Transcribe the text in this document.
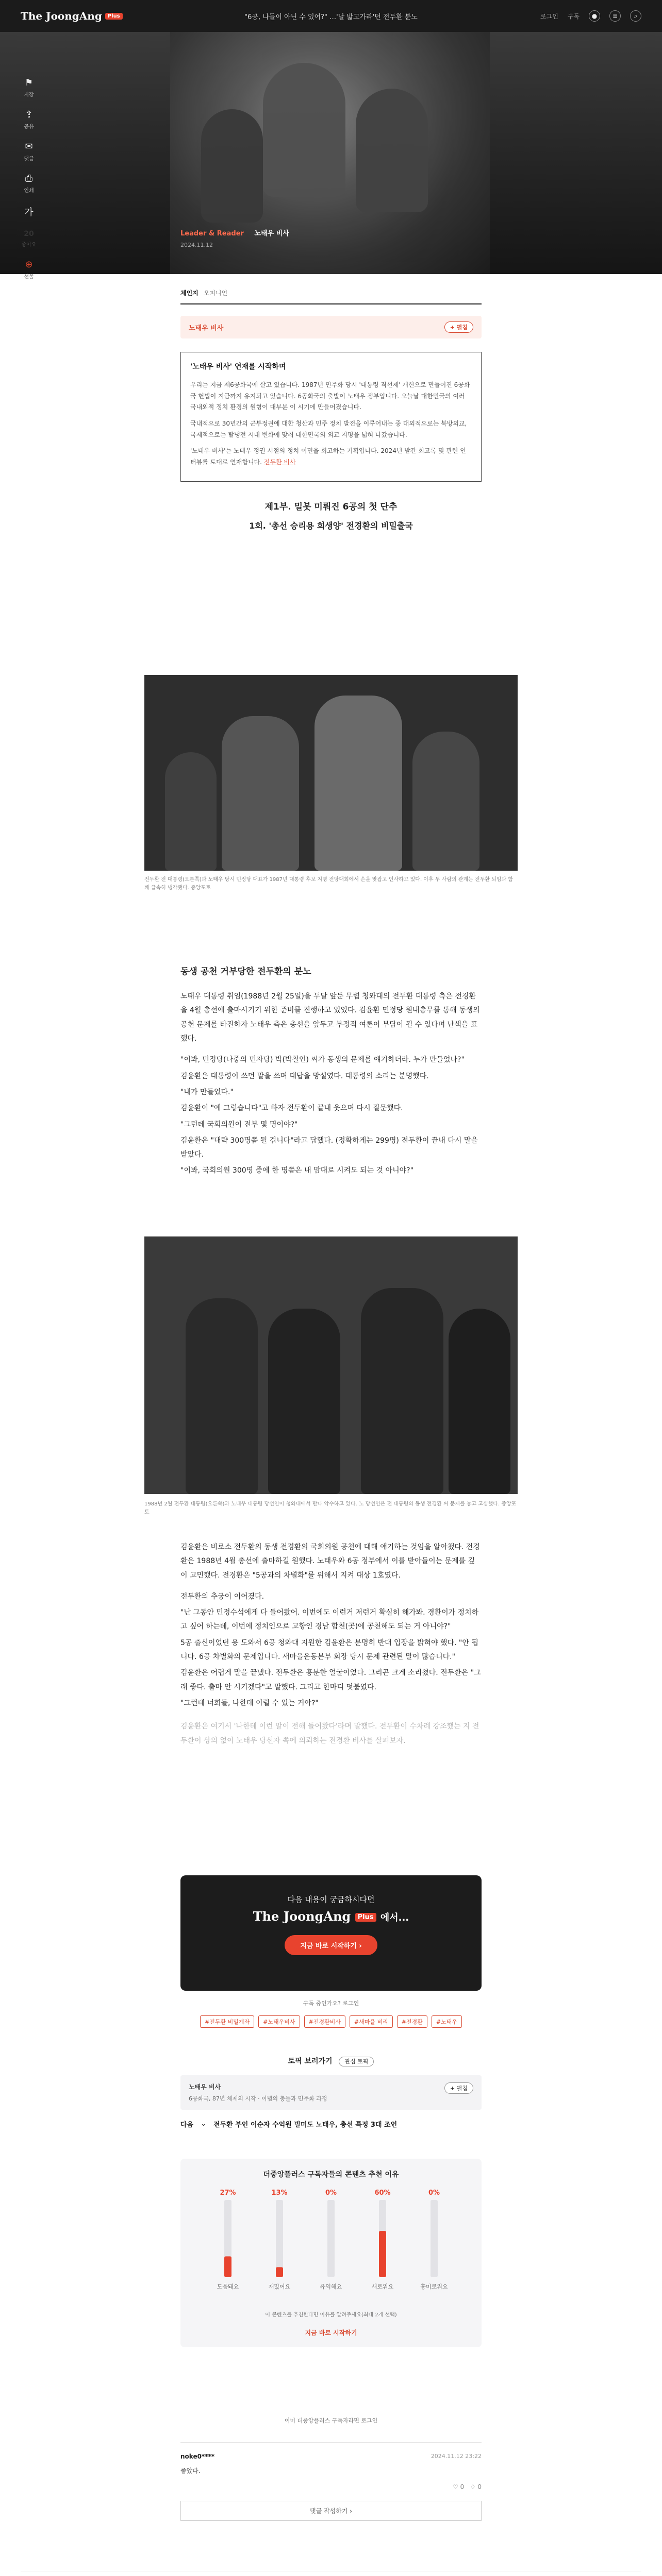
The JoongAng	Plus	"6공, 나들이 아닌 수 있어?" …'날 밟고가라'던 전두환 분노	로그인 구독	●	≡	⌕
Leader & Reader 노태우 비사
2024.11.12
⚑
저장
⇪
공유
✉
댓글
⎙
인쇄
가
20
좋아요
⊕
선물
체인지 오피니언
노태우 비사	+ 펼침
'노태우 비사' 연재를 시작하며

우리는 지금 제6공화국에 살고 있습니다. 1987년 민주화 당시 '대통령 직선제' 개헌으로 만들어진 6공화국 헌법이 지금까지 유지되고 있습니다. 6공화국의 출발이 노태우 정부입니다. 오늘날 대한민국의 여러 국내외적 정치 환경의 원형이 대부분 이 시기에 만들어졌습니다.

국내적으로 30년간의 군부정권에 대한 청산과 민주 정치 발전을 이루어내는 중 대외적으로는 북방외교, 국제적으로는 탈냉전 시대 변화에 맞춰 대한민국의 외교 지평을 넓혀 나갔습니다.

'노태우 비사'는 노태우 정권 시절의 정치 이면을 회고하는 기획입니다. 2024년 발간 회고록 및 관련 인터뷰를 토대로 연재합니다. 전두환 비사

제1부. 밀봇 미뤄진 6공의 첫 단추
1회. '총선 승리용 희생양' 전경환의 비밀출국
전두환 전 대통령(오른쪽)과 노태우 당시 민정당 대표가 1987년 대통령 후보 지명 전당대회에서 손을 맞잡고 인사하고 있다. 이후 두 사람의 관계는 전두환 퇴임과 함께 급속히 냉각됐다. 중앙포토
동생 공천 거부당한 전두환의 분노

노태우 대통령 취임(1988년 2월 25일)을 두달 앞둔 무렵 청와대의 전두환 대통령 측은 전경환을 4월 총선에 출마시키기 위한 준비를 진행하고 있었다. 김윤환 민정당 원내총무를 통해 동생의 공천 문제를 타진하자 노태우 측은 총선을 앞두고 부정적 여론이 부담이 될 수 있다며 난색을 표했다.

"이봐, 민정당(나중의 민자당) 박(박철언) 씨가 동생의 문제를 얘기하더라. 누가 만들었나?"

김윤환은 대통령이 쓰던 말을 쓰며 대답을 망설였다. 대통령의 소리는 분명했다.

"내가 만들었다."

김윤환이 "예 그렇습니다"고 하자 전두환이 끝내 웃으며 다시 질문했다.

"그런데 국회의원이 전부 몇 명이야?"

김윤환은 "대략 300명쯤 될 겁니다"라고 답했다. (정확하게는 299명) 전두환이 끝내 다시 말을 받았다.

"이봐, 국회의원 300명 중에 한 명쯤은 내 맘대로 시켜도 되는 것 아니야?"

1988년 2월 전두환 대통령(오른쪽)과 노태우 대통령 당선인이 청와대에서 만나 악수하고 있다. 노 당선인은 전 대통령의 동생 전경환 씨 문제를 놓고 고심했다. 중앙포토

김윤환은 비로소 전두환의 동생 전경환의 국회의원 공천에 대해 얘기하는 것임을 알아챘다. 전경환은 1988년 4월 총선에 출마하길 원했다. 노태우와 6공 정부에서 이를 받아들이는 문제를 깊이 고민했다. 전경환은 "5공과의 차별화"를 위해서 지켜 대상 1호였다.

전두환의 추궁이 이어졌다.

"난 그동안 민정수석에게 다 들어왔어. 이번에도 이런거 저런거 확실히 해가봐. 경환이가 정치하고 싶어 하는데, 이번에 정치인으로 고향인 경남 합천(곳)에 공천해도 되는 거 아니야?"

5공 출신이었던 용 도와서 6공 청와대 지원한 김윤환은 분명히 반대 입장을 밝혀야 했다. "안 됩니다. 6공 차별화의 문제입니다. 새마을운동본부 회장 당시 문제 관련된 말이 많습니다."

김윤환은 어렵게 말을 끝냈다. 전두환은 흥분한 얼굴이었다. 그리곤 크게 소리쳤다. 전두환은 "그래 좋다. 출마 안 시키겠다"고 말했다. 그리고 한마디 덧붙였다.

"그런데 너희들, 나한테 이럴 수 있는 거야?"

김윤환은 여기서 '나한테 이런 말이 전해 들어왔다'라며 말했다. 전두환이 수차례 강조했는 지 전두환이 상의 없이 노태우 당선자 쪽에 의뢰하는 전경환 비사를 살펴보자.

다음 내용이 궁금하시다면
The JoongAng Plus 에서...
지금 바로 시작하기 ›
구독 중인가요? 로그인
#전두환 비밀계좌	#노태우비사	#전경환비사	#새마을 비리	#전경환	#노태우
토픽 보러가기 관심 토픽
+ 펼침
노태우 비사
6공화국, 87년 체제의 시작 · 이념의 충돌과 민주화 과정
다음 ⌄ 전두환 부인 이순자 수억원 빌미도 노태우, 총선 특정 3대 조언
더중앙플러스 구독자들의 콘텐츠 추천 이유
27%
도움돼요
13%
재밌어요
0%
유익해요
60%
새로워요
0%
흥미로워요
이 콘텐츠를 추천한다면 이유를 알려주세요(최대 2개 선택)
지금 바로 시작하기
이미 더중앙플러스 구독자라면 로그인
noke0****	2024.11.12 23:22
좋았다.
♡ 0 ♢ 0
댓글 작성하기 ›
